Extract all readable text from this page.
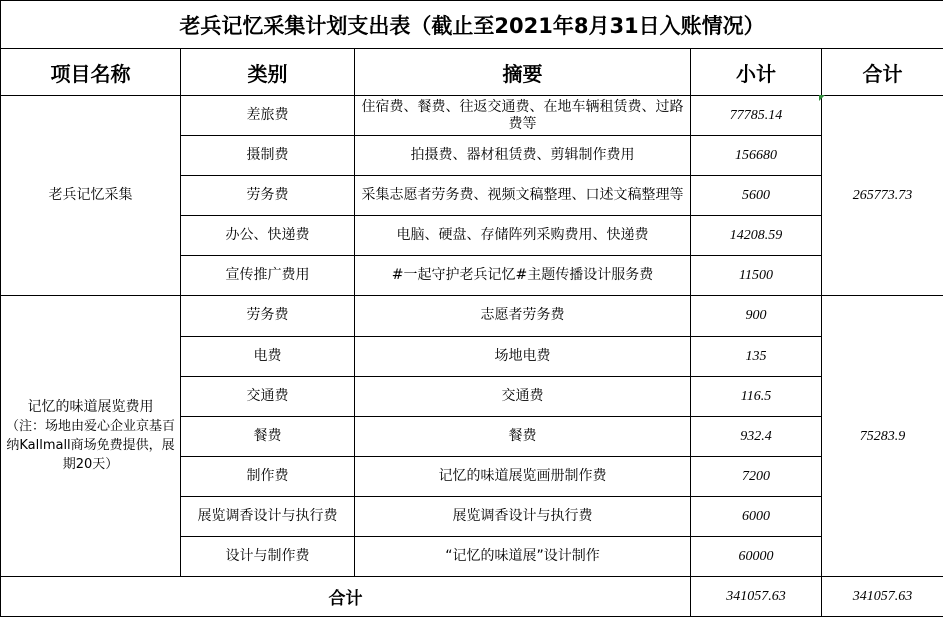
老兵记忆采集计划支出表（截止至2021年8月31日入账情况）				
项目名称	类别	摘要	小计	合计
老兵记忆采集	差旅费	住宿费、餐费、往返交通费、在地车辆租赁费、过路费等	77785.14	265773.73
	摄制费	拍摄费、器材租赁费、剪辑制作费用	156680	
	劳务费	采集志愿者劳务费、视频文稿整理、口述文稿整理等	5600	
	办公、快递费	电脑、硬盘、存储阵列采购费用、快递费	14208.59	
	宣传推广费用	#一起守护老兵记忆#主题传播设计服务费	11500	
记忆的味道展览费用
（注：场地由爱心企业京基百纳Kallmall商场免费提供，展期20天）	劳务费	志愿者劳务费	900	75283.9
	电费	场地电费	135	
	交通费	交通费	116.5	
	餐费	餐费	932.4	
	制作费	记忆的味道展览画册制作费	7200	
	展览调香设计与执行费	展览调香设计与执行费	6000	
	设计与制作费	“记忆的味道展”设计制作	60000	
合计			341057.63	341057.63
